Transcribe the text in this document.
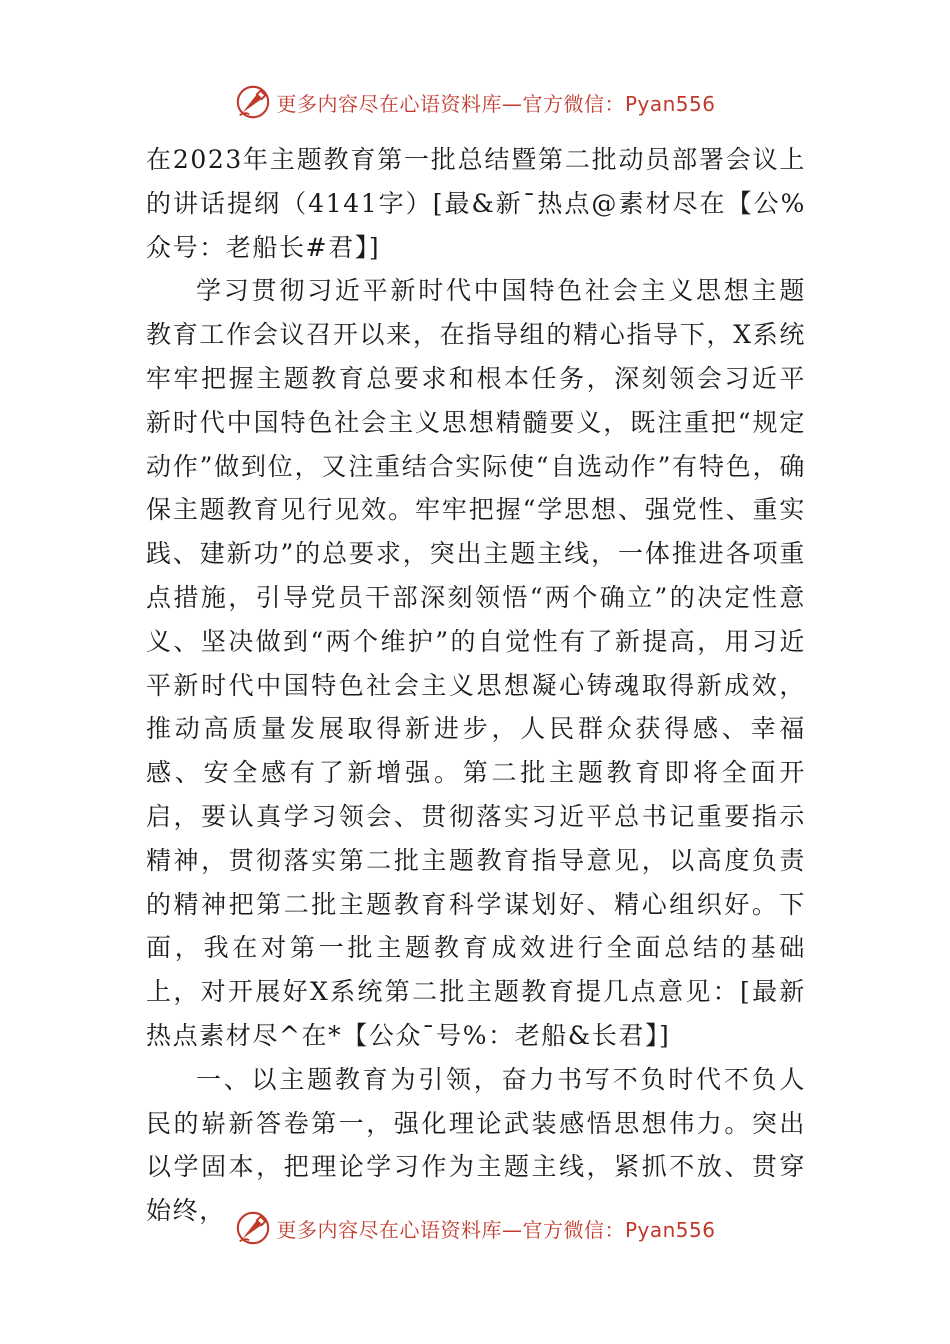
更多内容尽在心语资料库—官方微信：Pyan556

在2023年主题教育第一批总结暨第二批动员部署会议上的讲话提纲（4141字）[最&新¯热点@素材尽在【公%众号：老船长#君】]

学习贯彻习近平新时代中国特色社会主义思想主题教育工作会议召开以来，在指导组的精心指导下，X系统牢牢把握主题教育总要求和根本任务，深刻领会习近平新时代中国特色社会主义思想精髓要义，既注重把“规定动作”做到位，又注重结合实际使“自选动作”有特色，确保主题教育见行见效。牢牢把握“学思想、强党性、重实践、建新功”的总要求，突出主题主线，一体推进各项重点措施，引导党员干部深刻领悟“两个确立”的决定性意义、坚决做到“两个维护”的自觉性有了新提高，用习近平新时代中国特色社会主义思想凝心铸魂取得新成效，推动高质量发展取得新进步，人民群众获得感、幸福感、安全感有了新增强。第二批主题教育即将全面开启，要认真学习领会、贯彻落实习近平总书记重要指示精神，贯彻落实第二批主题教育指导意见，以高度负责的精神把第二批主题教育科学谋划好、精心组织好。下面，我在对第一批主题教育成效进行全面总结的基础上，对开展好X系统第二批主题教育提几点意见：[最新热点素材尽^在*【公众¯号%：老船&长君】]

一、以主题教育为引领，奋力书写不负时代不负人民的崭新答卷第一，强化理论武装感悟思想伟力。突出以学固本，把理论学习作为主题主线，紧抓不放、贯穿始终，

更多内容尽在心语资料库—官方微信：Pyan556
